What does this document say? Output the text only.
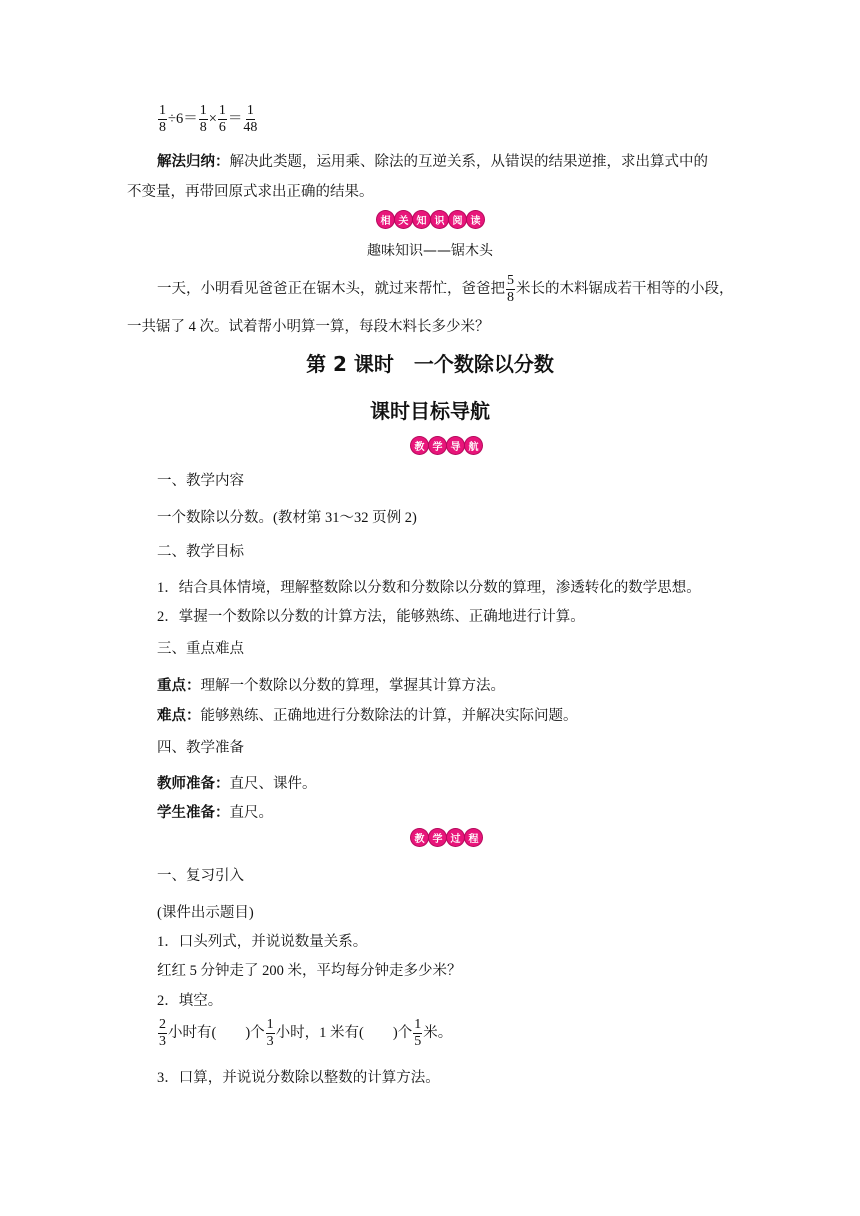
$\frac{1}{8} \div 6= \frac{1}{8} \times \frac{1}{6} = \frac{1}{48}$
解法归纳：解决此类题，运用乘、除法的互逆关系，从错误的结果逆推，求出算式中的
不变量，再带回原式求出正确的结果。
相 关 知 识 阅 读
趣味知识——锯木头
一天，小明看见爸爸正在锯木头，就过来帮忙，爸爸把 $\frac{5}{8}$ 米长的木料锯成若干相等的小段，
一共锯了 4 次。试着帮小明算一算，每段木料长多少米？
第 2 课时　一个数除以分数
课时目标导航
教 学 导 航
一、教学内容
一个数除以分数。(教材第 31～32 页例 2)
二、教学目标
1．结合具体情境，理解整数除以分数和分数除以分数的算理，渗透转化的数学思想。
2．掌握一个数除以分数的计算方法，能够熟练、正确地进行计算。
三、重点难点
重点：理解一个数除以分数的算理，掌握其计算方法。
难点：能够熟练、正确地进行分数除法的计算，并解决实际问题。
四、教学准备
教师准备：直尺、课件。
学生准备：直尺。
教 学 过 程
一、复习引入
(课件出示题目)
1．口头列式，并说说数量关系。
红红 5 分钟走了 200 米，平均每分钟走多少米？
2．填空。
$\frac{2}{3}$ 小时有(　　)个 $\frac{1}{3}$ 小时，1 米有(　　)个 $\frac{1}{5}$ 米。
3．口算，并说说分数除以整数的计算方法。
